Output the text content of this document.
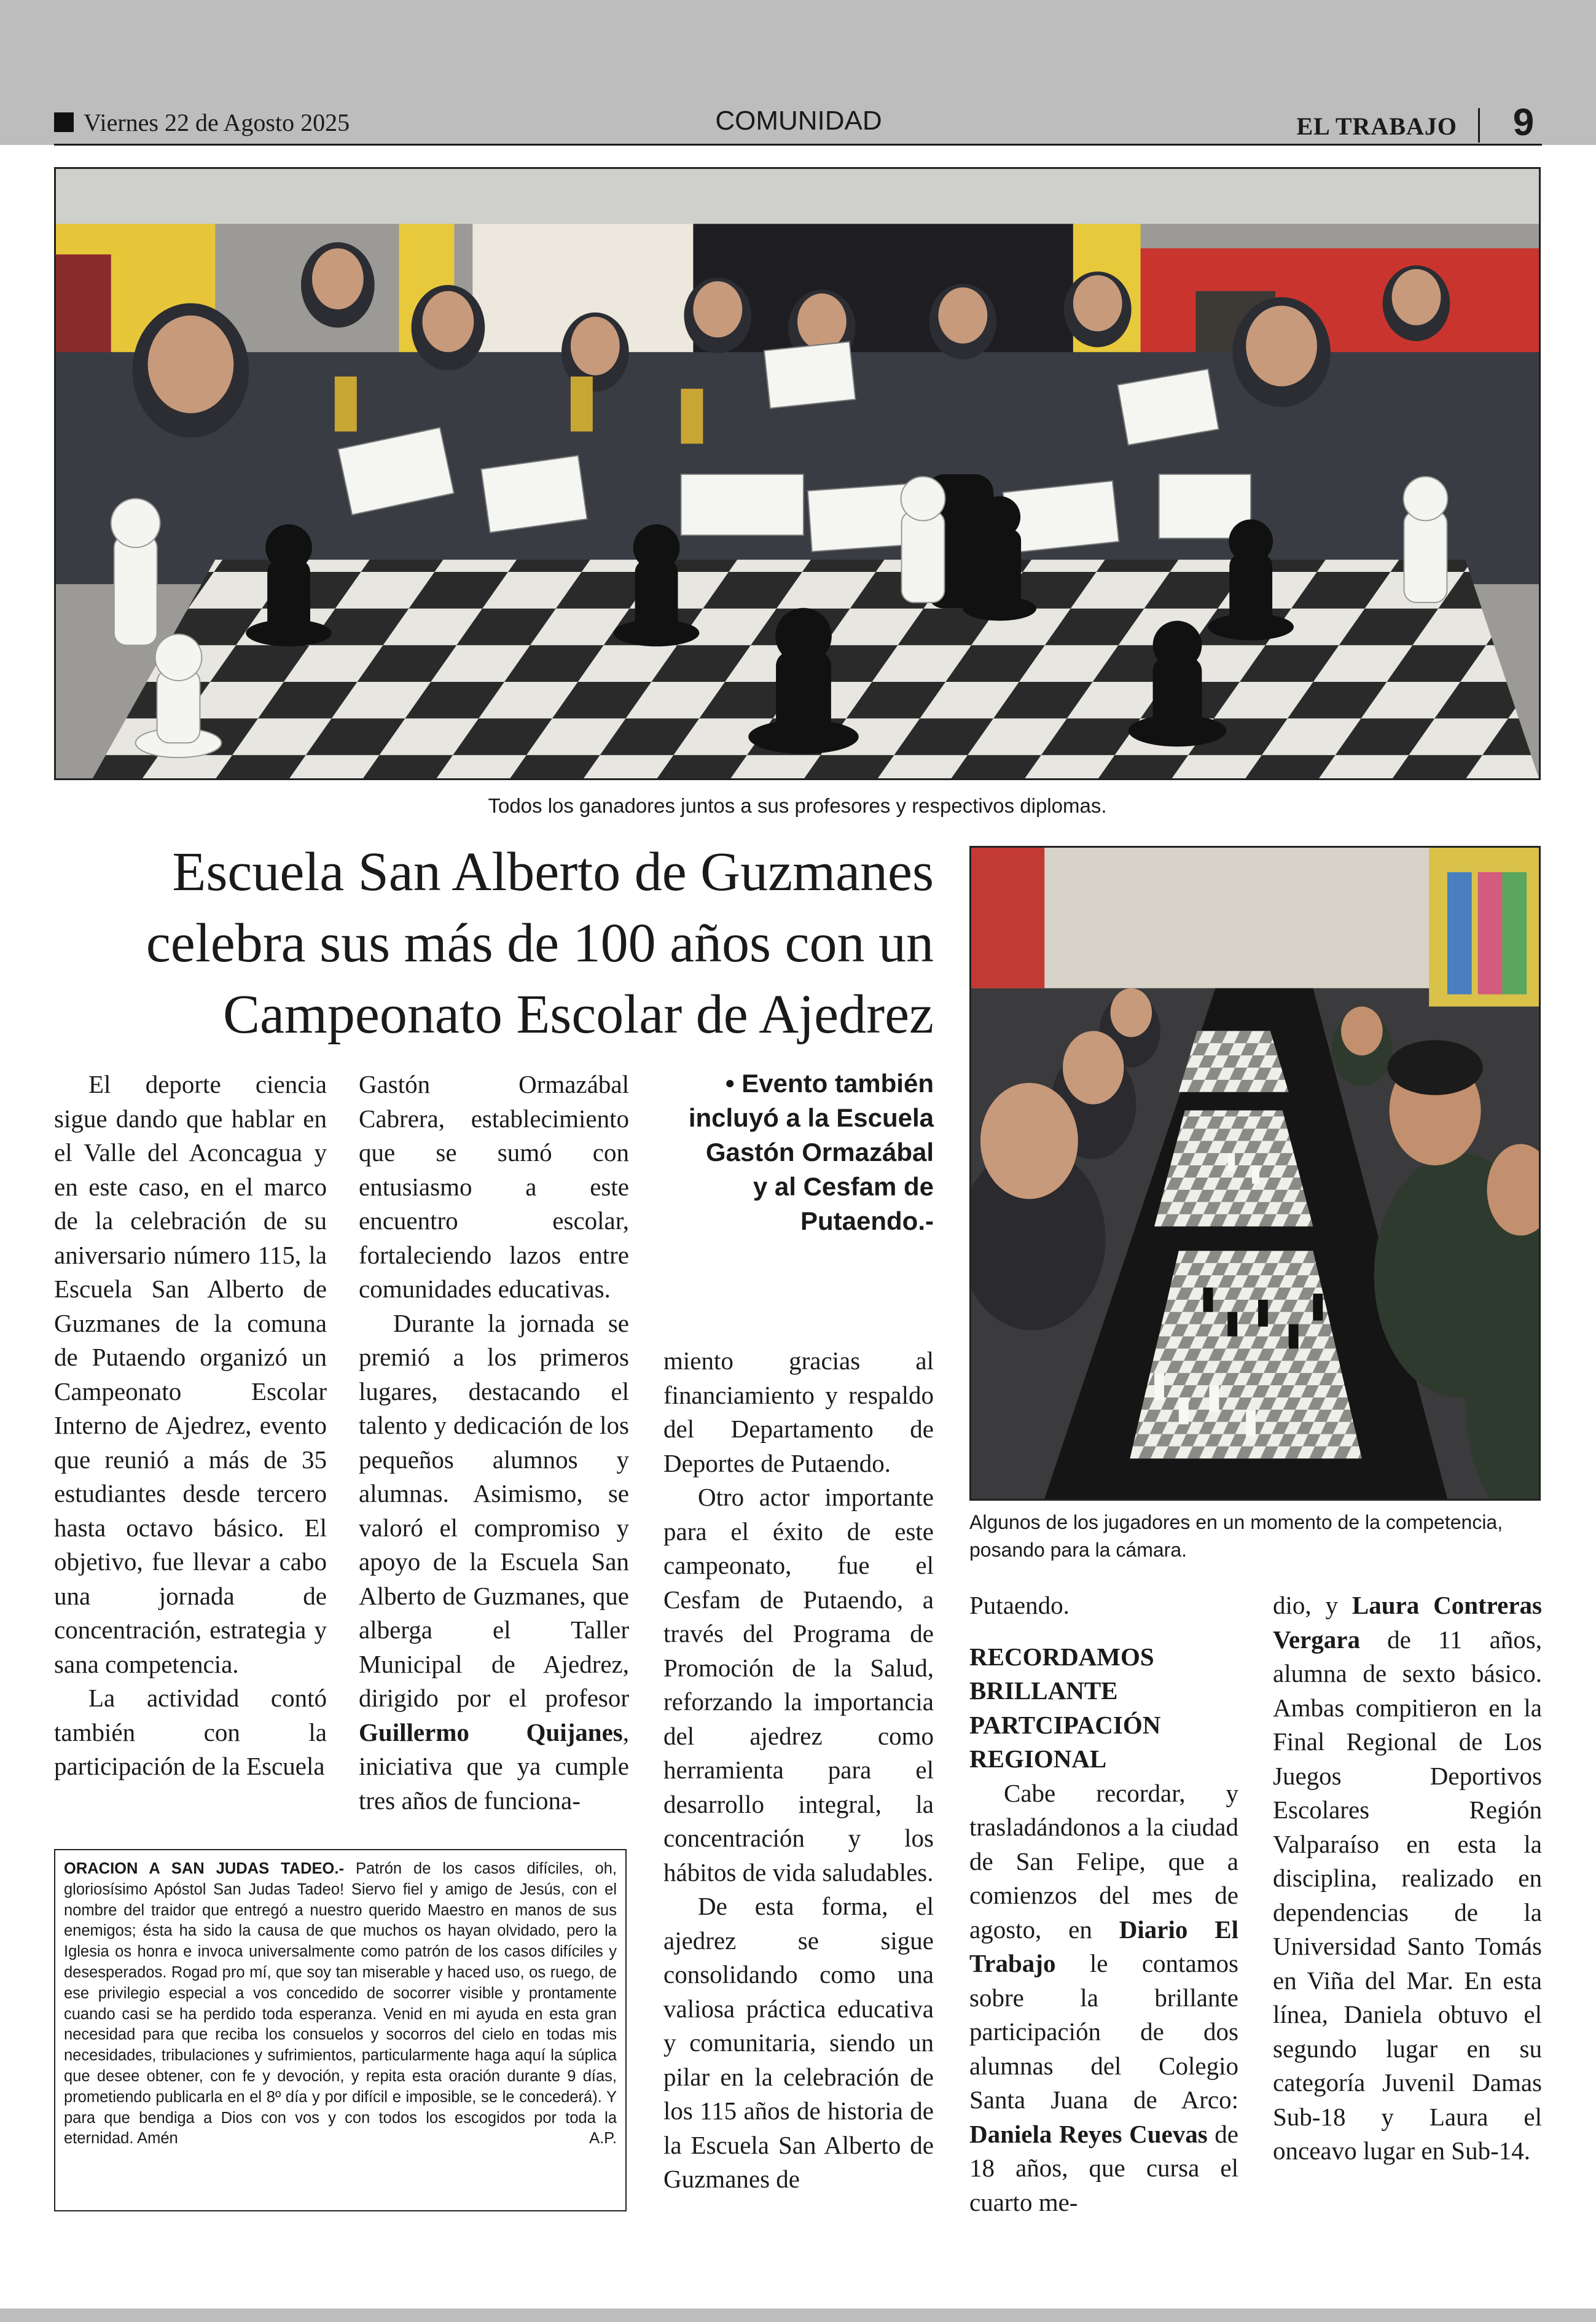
Viernes 22 de Agosto 2025	COMUNIDAD	EL TRABAJO	9
Todos los ganadores juntos a sus profesores y respectivos diplomas.
Escuela San Alberto de Guzmanes
celebra sus más de 100 años con un
Campeonato Escolar de Ajedrez
Algunos de los jugadores en un momento de la competencia, posando para la cámara.

El deporte ciencia sigue dando que hablar en el Valle del Aconcagua y en este caso, en el marco de la celebración de su aniversario número 115, la Escuela San Alberto de Guzmanes de la comuna de Putaendo organizó un Campeonato Escolar Interno de Ajedrez, evento que reunió a más de 35 estudiantes desde tercero hasta octavo básico. El objetivo, fue llevar a cabo una jornada de concentración, estrategia y sana competencia.

La actividad contó también con la participación de la Escuela

Gastón Ormazábal Cabrera, establecimiento que se sumó con entusiasmo a este encuentro escolar, fortaleciendo lazos entre comunidades educativas.

Durante la jornada se premió a los primeros lugares, destacando el talento y dedicación de los pequeños alumnos y alumnas. Asimismo, se valoró el compromiso y apoyo de la Escuela San Alberto de Guzmanes, que alberga el Taller Municipal de Ajedrez, dirigido por el profesor Guillermo Quijanes, iniciativa que ya cumple tres años de funciona-

• Evento también incluyó a la Escuela Gastón Ormazábal y al Cesfam de Putaendo.-

miento gracias al financiamiento y respaldo del Departamento de Deportes de Putaendo.

Otro actor importante para el éxito de este campeonato, fue el Cesfam de Putaendo, a través del Programa de Promoción de la Salud, reforzando la importancia del ajedrez como herramienta para el desarrollo integral, la concentración y los hábitos de vida saludables.

De esta forma, el ajedrez se sigue consolidando como una valiosa práctica educativa y comunitaria, siendo un pilar en la celebración de los 115 años de historia de la Escuela San Alberto de Guzmanes de

Putaendo.

RECORDAMOS BRILLANTE PARTCIPACIÓN REGIONAL

Cabe recordar, y trasladándonos a la ciudad de San Felipe, que a comienzos del mes de agosto, en Diario El Trabajo le contamos sobre la brillante participación de dos alumnas del Colegio Santa Juana de Arco: Daniela Reyes Cuevas de 18 años, que cursa el cuarto me-

dio, y Laura Contreras Vergara de 11 años, alumna de sexto básico. Ambas compitieron en la Final Regional de Los Juegos Deportivos Escolares Región Valparaíso en esta la disciplina, realizado en dependencias de la Universidad Santo Tomás en Viña del Mar. En esta línea, Daniela obtuvo el segundo lugar en su categoría Juvenil Damas Sub-18 y Laura el onceavo lugar en Sub-14.

ORACION A SAN JUDAS TADEO.- Patrón de los casos difíciles, oh, gloriosísimo Apóstol San Judas Tadeo! Siervo fiel y amigo de Jesús, con el nombre del traidor que entregó a nuestro querido Maestro en manos de sus enemigos; ésta ha sido la causa de que muchos os hayan olvidado, pero la Iglesia os honra e invoca universalmente como patrón de los casos difíciles y desesperados. Rogad pro mí, que soy tan miserable y haced uso, os ruego, de ese privilegio especial a vos concedido de socorrer visible y prontamente cuando casi se ha perdido toda esperanza. Venid en mi ayuda en esta gran necesidad para que reciba los consuelos y socorros del cielo en todas mis necesidades, tribulaciones y sufrimientos, particularmente haga aquí la súplica que desee obtener, con fe y devoción, y repita esta oración durante 9 días, prometiendo publicarla en el 8º día y por difícil e imposible, se le concederá). Y para que bendiga a Dios con vos y con todos los escogidos por toda la eternidad. Amén	A.P.
